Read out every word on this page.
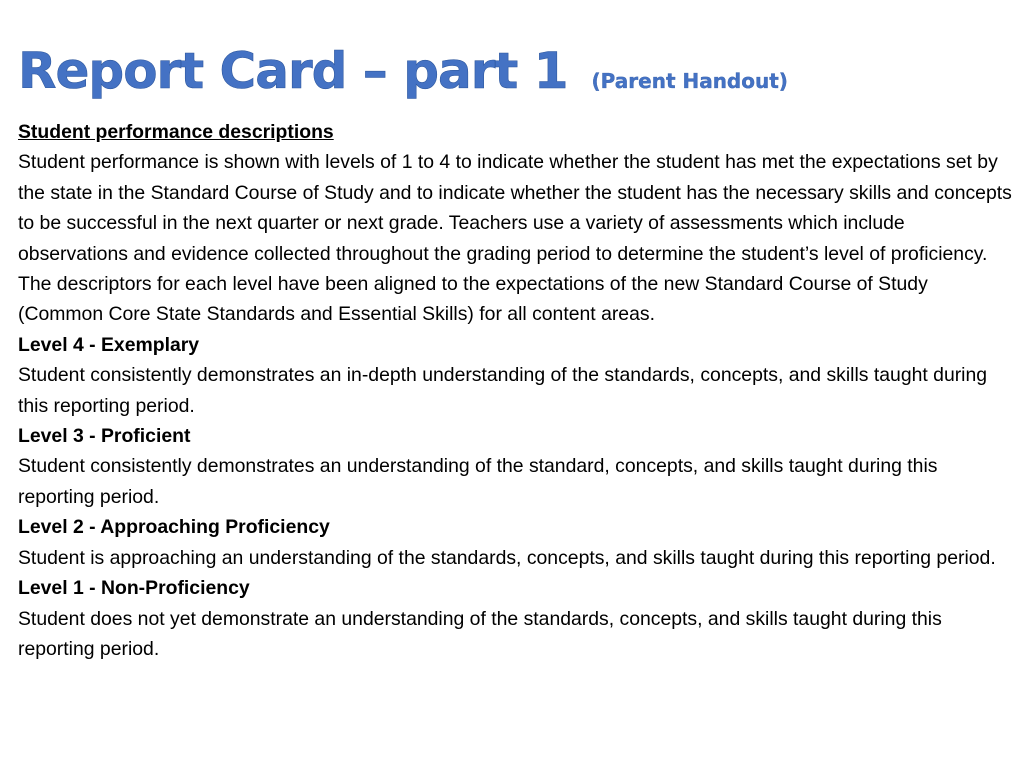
Report Card – part 1 (Parent Handout)

Student performance descriptions

Student performance is shown with levels of 1 to 4 to indicate whether the student has met the expectations set by the state in the Standard Course of Study and to indicate whether the student has the necessary skills and concepts to be successful in the next quarter or next grade. Teachers use a variety of assessments which include observations and evidence collected throughout the grading period to determine the student’s level of proficiency. The descriptors for each level have been aligned to the expectations of the new Standard Course of Study (Common Core State Standards and Essential Skills) for all content areas.

Level 4 - Exemplary

Student consistently demonstrates an in-depth understanding of the standards, concepts, and skills taught during this reporting period.

Level 3 - Proficient

Student consistently demonstrates an understanding of the standard, concepts, and skills taught during this reporting period.

Level 2 - Approaching Proficiency

Student is approaching an understanding of the standards, concepts, and skills taught during this reporting period.

Level 1 - Non-Proficiency

Student does not yet demonstrate an understanding of the standards, concepts, and skills taught during this reporting period.
